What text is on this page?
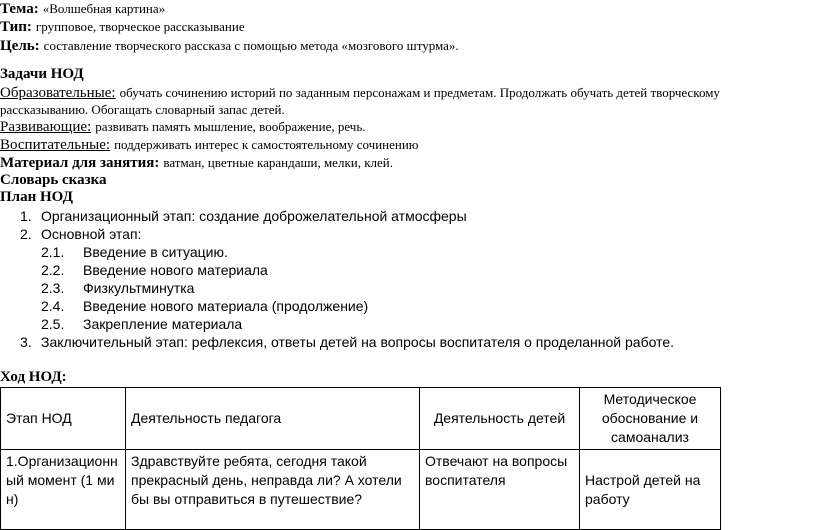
Тема: «Волшебная картина»
Тип: групповое, творческое рассказывание
Цель: составление творческого рассказа с помощью метода «мозгового штурма».
Задачи НОД
Образовательные: обучать сочинению историй по заданным персонажам и предметам. Продолжать обучать детей творческому
рассказыванию. Обогащать словарный запас детей.
Развивающие: развивать память мышление, воображение, речь.
Воспитательные: поддерживать интерес к самостоятельному сочинению
Материал для занятия: ватман, цветные карандаши, мелки, клей.
Словарь сказка
План НОД
1. Организационный этап: создание доброжелательной атмосферы
2. Основной этап:
2.1. Введение в ситуацию.
2.2. Введение нового материала
2.3. Физкультминутка
2.4. Введение нового материала (продолжение)
2.5. Закрепление материала
3. Заключительный этап: рефлексия, ответы детей на вопросы воспитателя о проделанной работе.
Ход НОД:
Этап НОД	Деятельность педагога	Деятельность детей	Методическое обоснование и самоанализ
1.Организационный момент (1 мин)	Здравствуйте ребята, сегодня такой прекрасный день, неправда ли? А хотели бы вы отправиться в путешествие?	Отвечают на вопросы воспитателя	Настрой детей на работу
